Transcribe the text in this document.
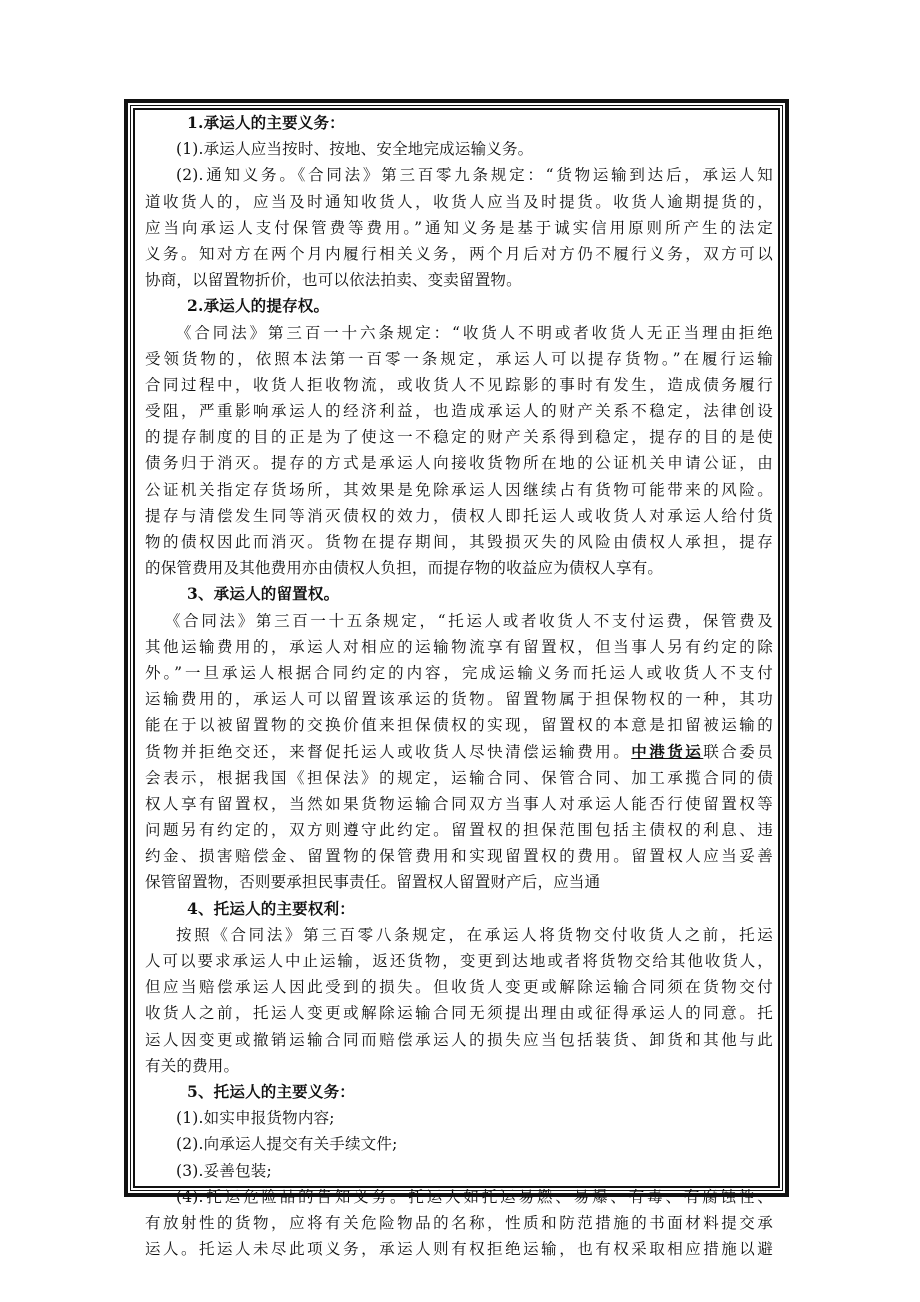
1.承运人的主要义务：
(1).承运人应当按时、按地、安全地完成运输义务。
(2).通知义务。《合同法》第三百零九条规定：“货物运输到达后，承运人知
道收货人的，应当及时通知收货人，收货人应当及时提货。收货人逾期提货的，
应当向承运人支付保管费等费用。”通知义务是基于诚实信用原则所产生的法定
义务。知对方在两个月内履行相关义务，两个月后对方仍不履行义务，双方可以
协商，以留置物折价，也可以依法拍卖、变卖留置物。
2.承运人的提存权。
《合同法》第三百一十六条规定：“收货人不明或者收货人无正当理由拒绝
受领货物的，依照本法第一百零一条规定，承运人可以提存货物。”在履行运输
合同过程中，收货人拒收物流，或收货人不见踪影的事时有发生，造成债务履行
受阻，严重影响承运人的经济利益，也造成承运人的财产关系不稳定，法律创设
的提存制度的目的正是为了使这一不稳定的财产关系得到稳定，提存的目的是使
债务归于消灭。提存的方式是承运人向接收货物所在地的公证机关申请公证，由
公证机关指定存货场所，其效果是免除承运人因继续占有货物可能带来的风险。
提存与清偿发生同等消灭债权的效力，债权人即托运人或收货人对承运人给付货
物的债权因此而消灭。货物在提存期间，其毁损灭失的风险由债权人承担，提存
的保管费用及其他费用亦由债权人负担，而提存物的收益应为债权人享有。
3、承运人的留置权。
《合同法》第三百一十五条规定，“托运人或者收货人不支付运费，保管费及
其他运输费用的，承运人对相应的运输物流享有留置权，但当事人另有约定的除
外。”一旦承运人根据合同约定的内容，完成运输义务而托运人或收货人不支付
运输费用的，承运人可以留置该承运的货物。留置物属于担保物权的一种，其功
能在于以被留置物的交换价值来担保债权的实现，留置权的本意是扣留被运输的
货物并拒绝交还，来督促托运人或收货人尽快清偿运输费用。中港货运联合委员
会表示，根据我国《担保法》的规定，运输合同、保管合同、加工承揽合同的债
权人享有留置权，当然如果货物运输合同双方当事人对承运人能否行使留置权等
问题另有约定的，双方则遵守此约定。留置权的担保范围包括主债权的利息、违
约金、损害赔偿金、留置物的保管费用和实现留置权的费用。留置权人应当妥善
保管留置物，否则要承担民事责任。留置权人留置财产后，应当通
4、托运人的主要权利：
按照《合同法》第三百零八条规定，在承运人将货物交付收货人之前，托运
人可以要求承运人中止运输，返还货物，变更到达地或者将货物交给其他收货人，
但应当赔偿承运人因此受到的损失。但收货人变更或解除运输合同须在货物交付
收货人之前，托运人变更或解除运输合同无须提出理由或征得承运人的同意。托
运人因变更或撤销运输合同而赔偿承运人的损失应当包括装货、卸货和其他与此
有关的费用。
5、托运人的主要义务：
(1).如实申报货物内容;
(2).向承运人提交有关手续文件;
(3).妥善包装;
(4).托运危险品的告知义务。托运人如托运易燃、易爆、有毒、有腐蚀性、
有放射性的货物，应将有关危险物品的名称，性质和防范措施的书面材料提交承
运人。托运人未尽此项义务，承运人则有权拒绝运输，也有权采取相应措施以避
